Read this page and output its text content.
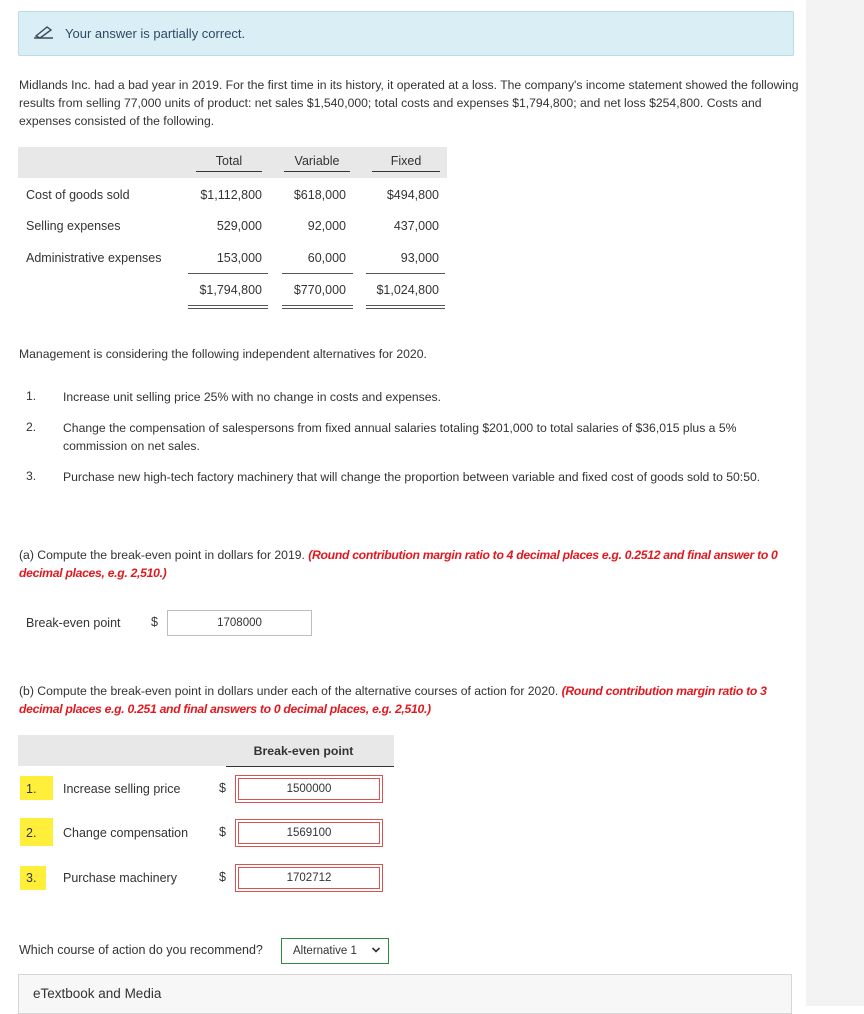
Your answer is partially correct.
Midlands Inc. had a bad year in 2019. For the first time in its history, it operated at a loss. The company's income statement showed the following results from selling 77,000 units of product: net sales $1,540,000; total costs and expenses $1,794,800; and net loss $254,800. Costs and expenses consisted of the following.
Total	Variable	Fixed
Cost of goods sold	$1,112,800	$618,000	$494,800
Selling expenses	529,000	92,000	437,000
Administrative expenses	153,000	60,000	93,000
$1,794,800	$770,000	$1,024,800
Management is considering the following independent alternatives for 2020.
1. Increase unit selling price 25% with no change in costs and expenses.
2. Change the compensation of salespersons from fixed annual salaries totaling $201,000 to total salaries of $36,015 plus a 5% commission on net sales.
3. Purchase new high-tech factory machinery that will change the proportion between variable and fixed cost of goods sold to 50:50.
(a) Compute the break-even point in dollars for 2019. (Round contribution margin ratio to 4 decimal places e.g. 0.2512 and final answer to 0 decimal places, e.g. 2,510.)
Break-even point $	1708000
(b) Compute the break-even point in dollars under each of the alternative courses of action for 2020. (Round contribution margin ratio to 3 decimal places e.g. 0.251 and final answers to 0 decimal places, e.g. 2,510.)
Break-even point
1. Increase selling price	$	1500000
2. Change compensation $	1569100
3. Purchase machinery	$	1702712
Which course of action do you recommend?	Alternative 1
eTextbook and Media
